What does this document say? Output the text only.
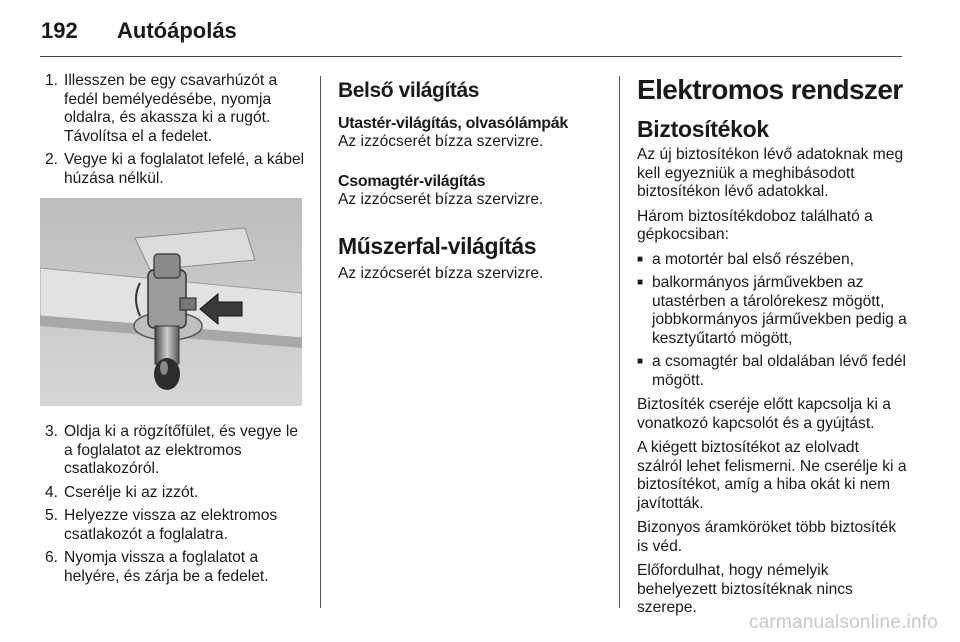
192	Autóápolás
1. Illesszen be egy csavarhúzót a fedél bemélyedésébe, nyomja oldalra, és akassza ki a rugót. Távolítsa el a fedelet.
2. Vegye ki a foglalatot lefelé, a kábel húzása nélkül.
3. Oldja ki a rögzítőfület, és vegye le a foglalatot az elektromos csatlakozóról.
4. Cserélje ki az izzót.
5. Helyezze vissza az elektromos csatlakozót a foglalatra.
6. Nyomja vissza a foglalatot a helyére, és zárja be a fedelet.
Belső világítás
Utastér-világítás, olvasólámpák

Az izzócserét bízza szervizre.

Csomagtér-világítás

Az izzócserét bízza szervizre.

Műszerfal-világítás

Az izzócserét bízza szervizre.

Elektromos rendszer
Biztosítékok

Az új biztosítékon lévő adatoknak meg kell egyezniük a meghibásodott biztosítékon lévő adatokkal.

Három biztosítékdoboz található a gépkocsiban:

■ a motortér bal első részében,
■ balkormányos járművekben az utastérben a tárolórekesz mögött, jobbkormányos járművekben pedig a kesztyűtartó mögött,
■ a csomagtér bal oldalában lévő fedél mögött.

Biztosíték cseréje előtt kapcsolja ki a vonatkozó kapcsolót és a gyújtást.

A kiégett biztosítékot az elolvadt szálról lehet felismerni. Ne cserélje ki a biztosítékot, amíg a hiba okát ki nem javították.

Bizonyos áramköröket több biztosíték is véd.

Előfordulhat, hogy némelyik behelyezett biztosítéknak nincs szerepe.

carmanualsonline.info
